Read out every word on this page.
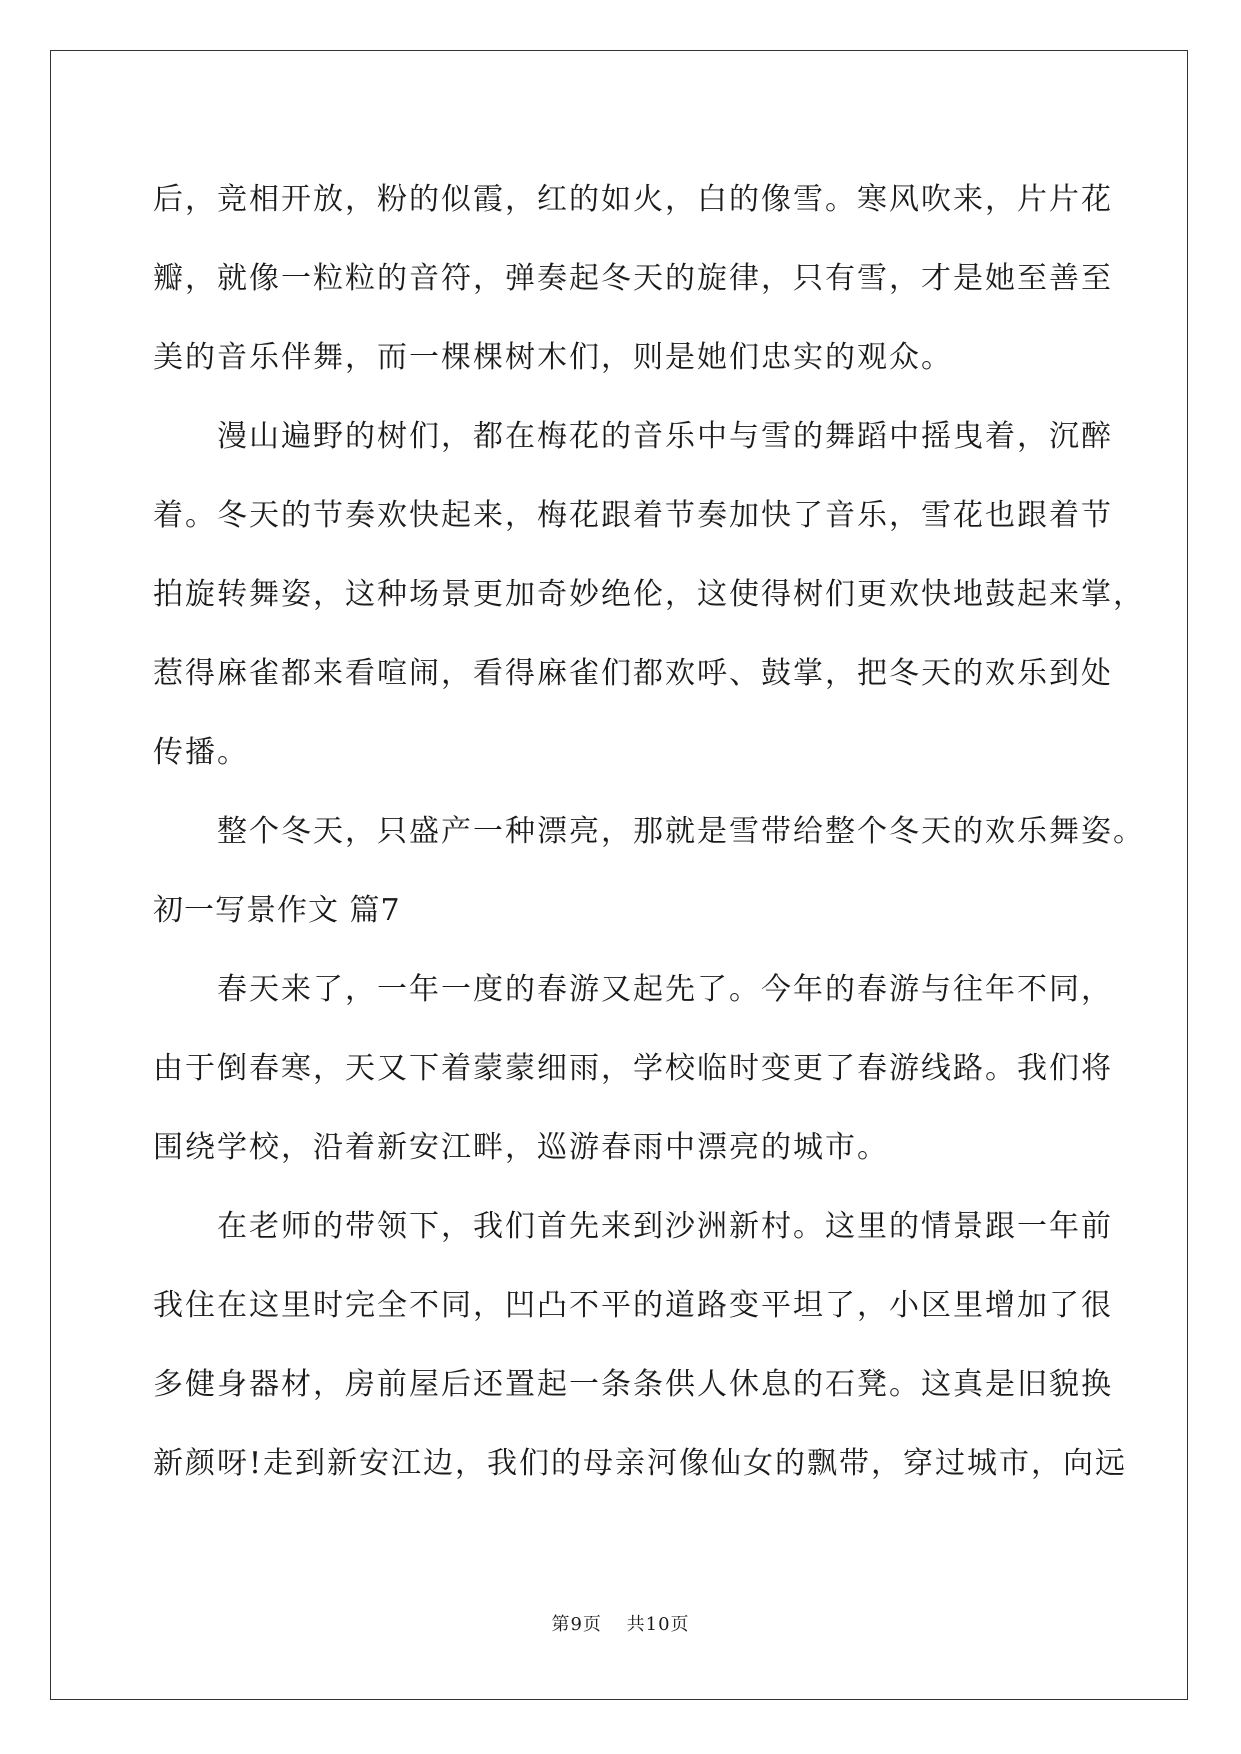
后，竞相开放，粉的似霞，红的如火，白的像雪。寒风吹来，片片花
瓣，就像一粒粒的音符，弹奏起冬天的旋律，只有雪，才是她至善至
美的音乐伴舞，而一棵棵树木们，则是她们忠实的观众。
漫山遍野的树们，都在梅花的音乐中与雪的舞蹈中摇曳着，沉醉
着。冬天的节奏欢快起来，梅花跟着节奏加快了音乐，雪花也跟着节
拍旋转舞姿，这种场景更加奇妙绝伦，这使得树们更欢快地鼓起来掌，
惹得麻雀都来看喧闹，看得麻雀们都欢呼、鼓掌，把冬天的欢乐到处
传播。
整个冬天，只盛产一种漂亮，那就是雪带给整个冬天的欢乐舞姿。
初一写景作文 篇7
春天来了，一年一度的春游又起先了。今年的春游与往年不同，
由于倒春寒，天又下着蒙蒙细雨，学校临时变更了春游线路。我们将
围绕学校，沿着新安江畔，巡游春雨中漂亮的城市。
在老师的带领下，我们首先来到沙洲新村。这里的情景跟一年前
我住在这里时完全不同，凹凸不平的道路变平坦了，小区里增加了很
多健身器材，房前屋后还置起一条条供人休息的石凳。这真是旧貌换
新颜呀!走到新安江边，我们的母亲河像仙女的飘带，穿过城市，向远
第9页 共10页
